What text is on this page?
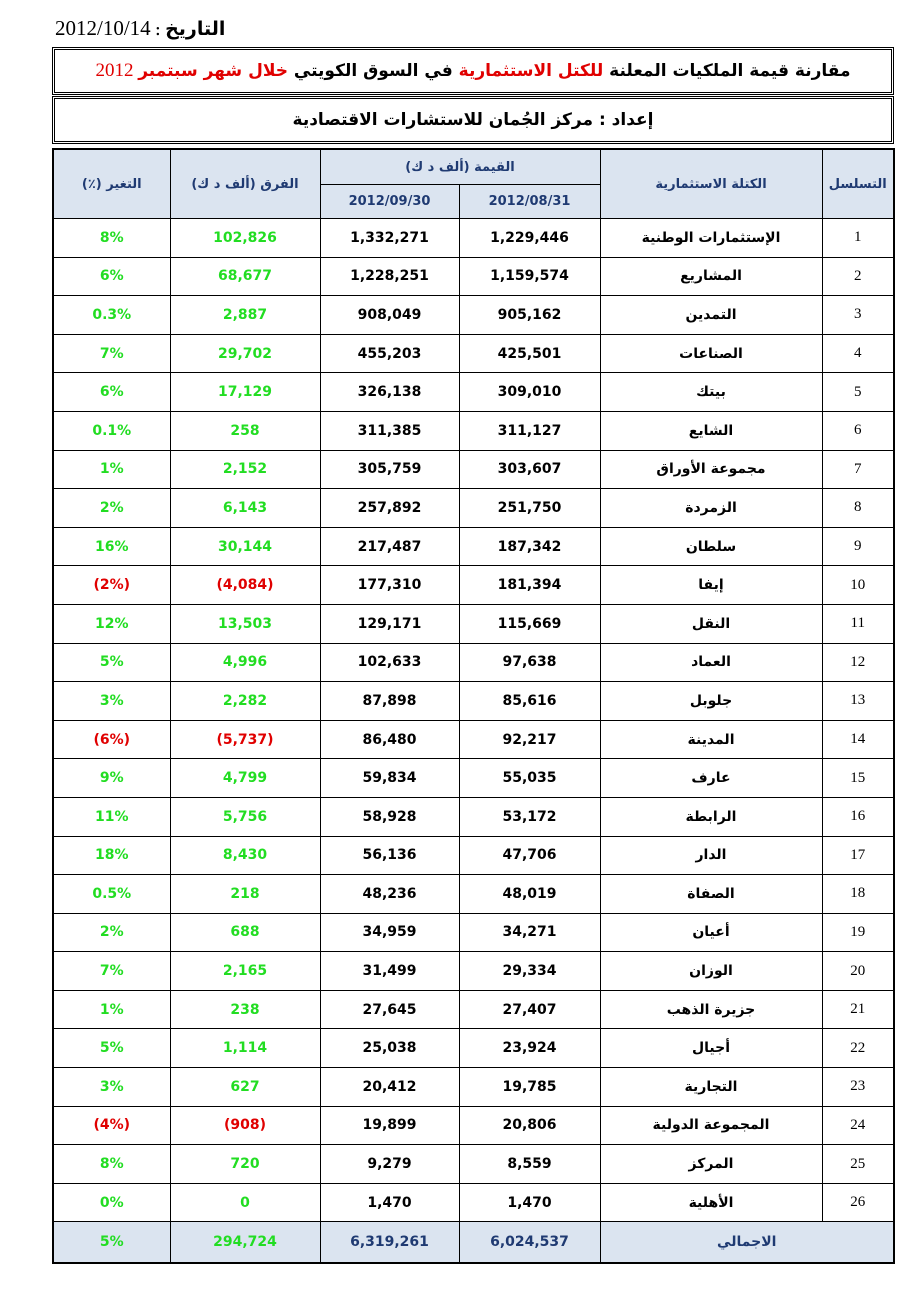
2012/10/14 : التاريخ
مقارنة قيمة الملكيات المعلنة
للكتل الاستثمارية
في السوق الكويتي
خلال شهر سبتمبر
2012
إعداد
:
مركز الجُمان للاستشارات الاقتصادية
التسلسل	الكتلة الاستثمارية	القيمة (ألف د ك)		الفرق (ألف د ك)	التغير (٪)
		2012/08/31	2012/09/30		
1	الإستثمارات الوطنية	1,229,446	1,332,271	102,826	8%
2	المشاريع	1,159,574	1,228,251	68,677	6%
3	التمدين	905,162	908,049	2,887	0.3%
4	الصناعات	425,501	455,203	29,702	7%
5	بيتك	309,010	326,138	17,129	6%
6	الشايع	311,127	311,385	258	0.1%
7	مجموعة الأوراق	303,607	305,759	2,152	1%
8	الزمردة	251,750	257,892	6,143	2%
9	سلطان	187,342	217,487	30,144	16%
10	إيفا	181,394	177,310	(4,084)	(2%)
11	النقل	115,669	129,171	13,503	12%
12	العماد	97,638	102,633	4,996	5%
13	جلوبل	85,616	87,898	2,282	3%
14	المدينة	92,217	86,480	(5,737)	(6%)
15	عارف	55,035	59,834	4,799	9%
16	الرابطة	53,172	58,928	5,756	11%
17	الدار	47,706	56,136	8,430	18%
18	الصفاة	48,019	48,236	218	0.5%
19	أعيان	34,271	34,959	688	2%
20	الوزان	29,334	31,499	2,165	7%
21	جزيرة الذهب	27,407	27,645	238	1%
22	أجيال	23,924	25,038	1,114	5%
23	التجارية	19,785	20,412	627	3%
24	المجموعة الدولية	20,806	19,899	(908)	(4%)
25	المركز	8,559	9,279	720	8%
26	الأهلية	1,470	1,470	0	0%
الاجمالي		6,024,537	6,319,261	294,724	5%
